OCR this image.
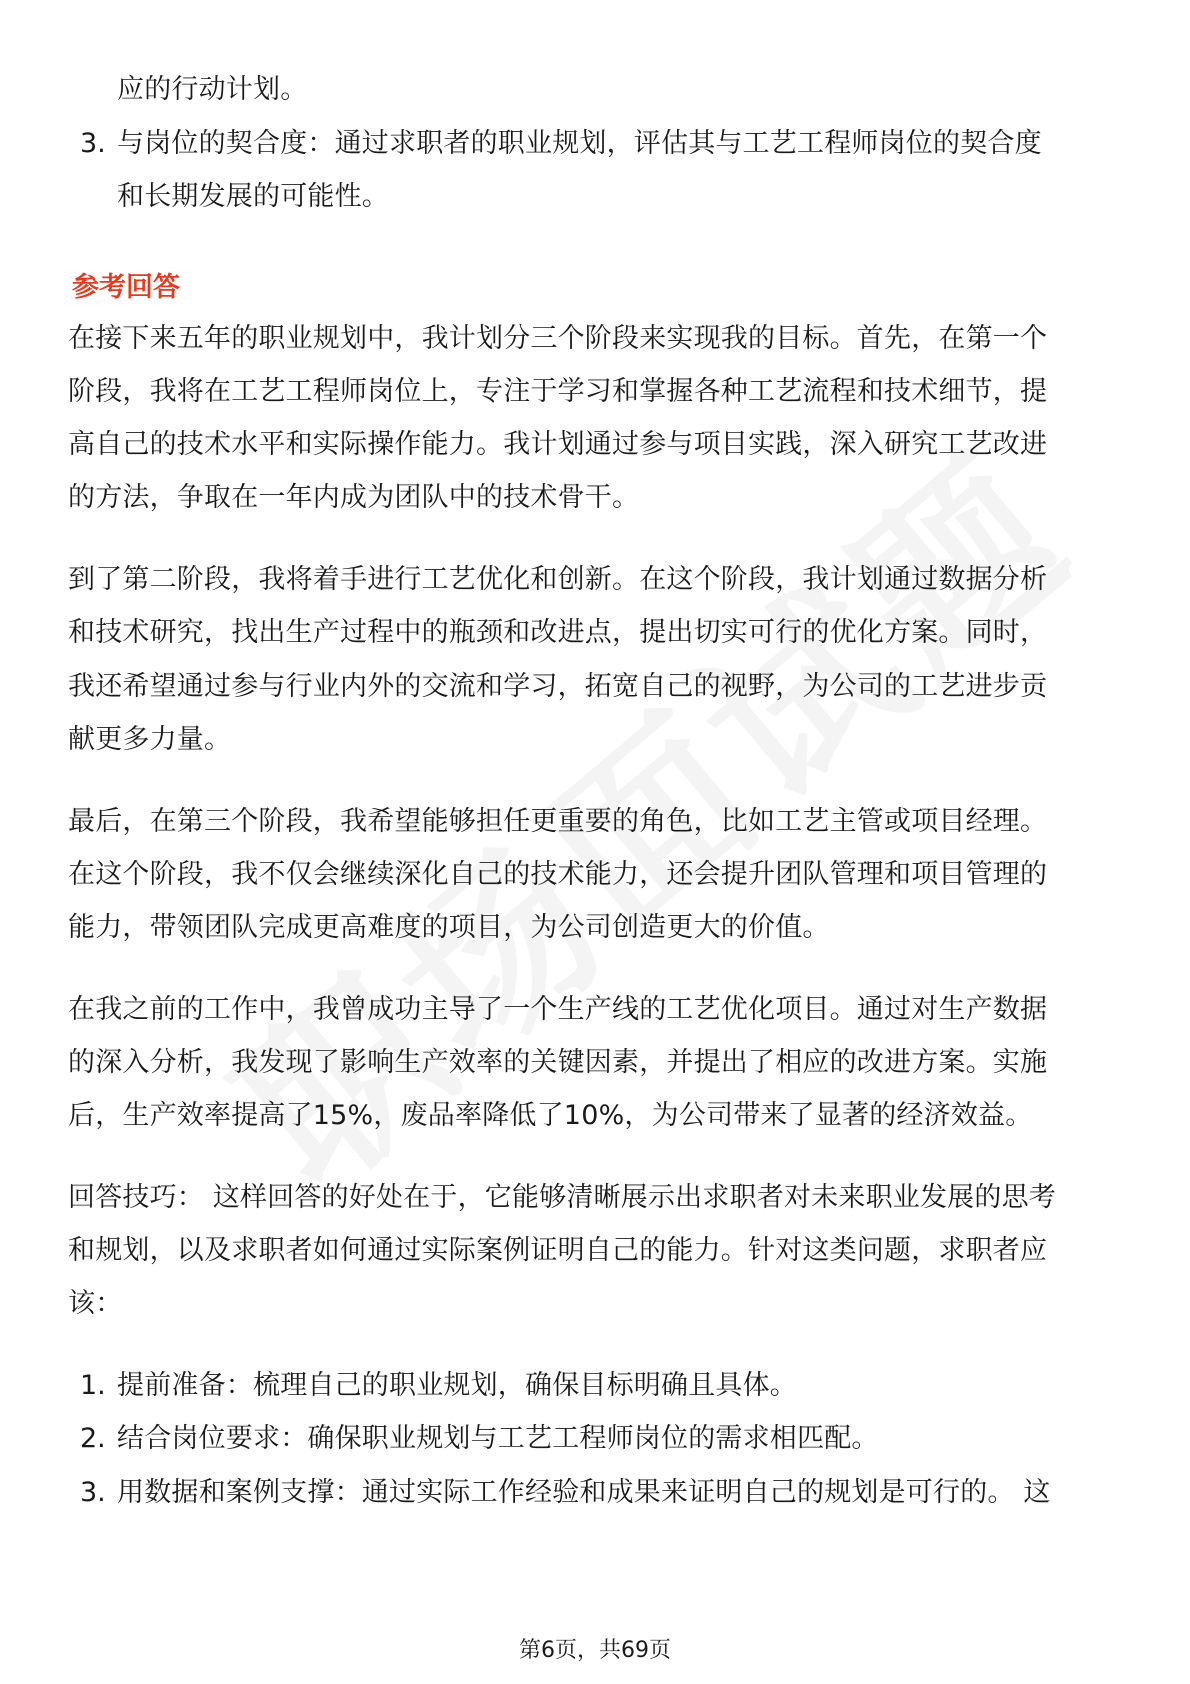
应的行动计划。
3. 与岗位的契合度：通过求职者的职业规划，评估其与工艺工程师岗位的契合度
和长期发展的可能性。
参考回答
在接下来五年的职业规划中，我计划分三个阶段来实现我的目标。首先，在第一个
阶段，我将在工艺工程师岗位上，专注于学习和掌握各种工艺流程和技术细节，提
高自己的技术水平和实际操作能力。我计划通过参与项目实践，深入研究工艺改进
的方法，争取在一年内成为团队中的技术骨干。
到了第二阶段，我将着手进行工艺优化和创新。在这个阶段，我计划通过数据分析
和技术研究，找出生产过程中的瓶颈和改进点，提出切实可行的优化方案。同时，
我还希望通过参与行业内外的交流和学习，拓宽自己的视野，为公司的工艺进步贡
献更多力量。
最后，在第三个阶段，我希望能够担任更重要的角色，比如工艺主管或项目经理。
在这个阶段，我不仅会继续深化自己的技术能力，还会提升团队管理和项目管理的
能力，带领团队完成更高难度的项目，为公司创造更大的价值。
在我之前的工作中，我曾成功主导了一个生产线的工艺优化项目。通过对生产数据
的深入分析，我发现了影响生产效率的关键因素，并提出了相应的改进方案。实施
后，生产效率提高了15%，废品率降低了10%，为公司带来了显著的经济效益。
回答技巧： 这样回答的好处在于，它能够清晰展示出求职者对未来职业发展的思考
和规划，以及求职者如何通过实际案例证明自己的能力。针对这类问题，求职者应
该：
1. 提前准备：梳理自己的职业规划，确保目标明确且具体。
2. 结合岗位要求：确保职业规划与工艺工程师岗位的需求相匹配。
3. 用数据和案例支撑：通过实际工作经验和成果来证明自己的规划是可行的。 这
第6页，共69页
